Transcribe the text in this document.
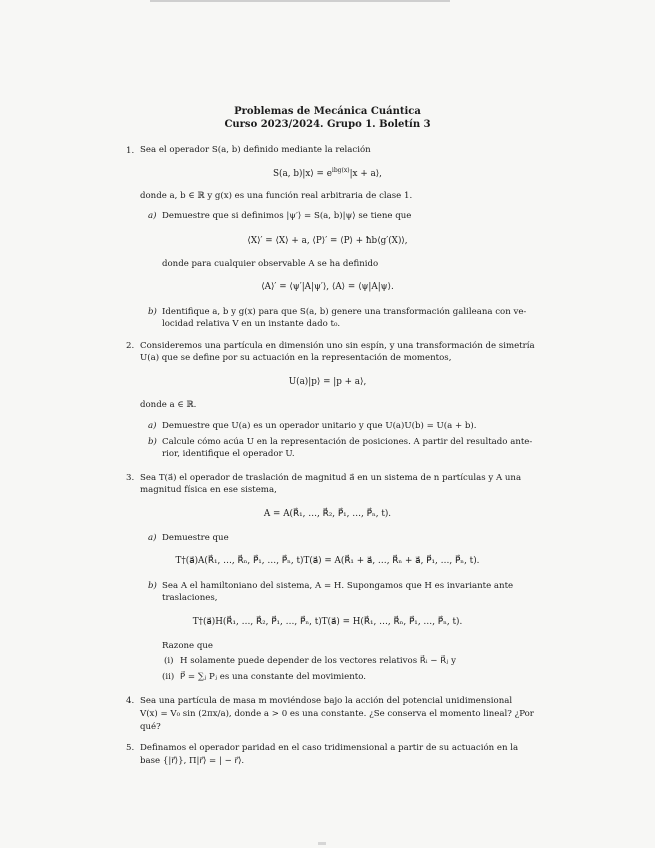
Problemas de Mecánica Cuántica
Curso 2023/2024. Grupo 1. Boletín 3
1. Sea el operador S(a, b) definido mediante la relación
S(a, b)|x⟩ = $e^{ibg(x)}|x$ + a⟩,
donde a, b ∈ ℝ y g(x) es una función real arbitraria de clase 1.
a) Demuestre que si definimos |ψ′⟩ = S(a, b)|ψ⟩ se tiene que
⟨X⟩′ = ⟨X⟩ + a, ⟨P⟩′ = ⟨P⟩ + ħb⟨g′(X)⟩,
donde para cualquier observable A se ha definido
⟨A⟩′ = ⟨ψ′|A|ψ′⟩, ⟨A⟩ = ⟨ψ|A|ψ⟩.
b) Identifique a, b y g(x) para que S(a, b) genere una transformación galileana con ve-
locidad relativa V en un instante dado t₀.
2. Consideremos una partícula en dimensión uno sin espín, y una transformación de simetría
U(a) que se define por su actuación en la representación de momentos,
U(a)|p⟩ = |p + a⟩,
donde a ∈ ℝ.
a) Demuestre que U(a) es un operador unitario y que U(a)U(b) = U(a + b).
b) Calcule cómo acúa U en la representación de posiciones. A partir del resultado ante-
rior, identifique el operador U.
3. Sea T(a⃗) el operador de traslación de magnitud a⃗ en un sistema de n partículas y A una
magnitud física en ese sistema,
A = A(R⃗₁, …, R⃗₂, P⃗₁, …, P⃗ₙ, t).
a) Demuestre que
T†(a⃗)A(R⃗₁, …, R⃗ₙ, P⃗₁, …, P⃗ₙ, t)T(a⃗) = A(R⃗₁ + a⃗, …, R⃗ₙ + a⃗, P⃗₁, …, P⃗ₙ, t).
b) Sea A el hamiltoniano del sistema, A = H. Supongamos que H es invariante ante
traslaciones,
T†(a⃗)H(R⃗₁, …, R⃗₂, P⃗₁, …, P⃗ₙ, t)T(a⃗) = H(R⃗₁, …, R⃗ₙ, P⃗₁, …, P⃗ₙ, t).
Razone que
(i) H solamente puede depender de los vectores relativos R⃗ᵢ − R⃗ⱼ y
(ii) P⃗ = ∑ⱼ Pⱼ es una constante del movimiento.
4. Sea una partícula de masa m moviéndose bajo la acción del potencial unidimensional
V(x) = V₀ sin (2πx/a), donde a > 0 es una constante. ¿Se conserva el momento lineal? ¿Por
qué?
5. Definamos el operador paridad en el caso tridimensional a partir de su actuación en la
base {|r⃗⟩}, Π|r⃗⟩ = | − r⃗⟩.
